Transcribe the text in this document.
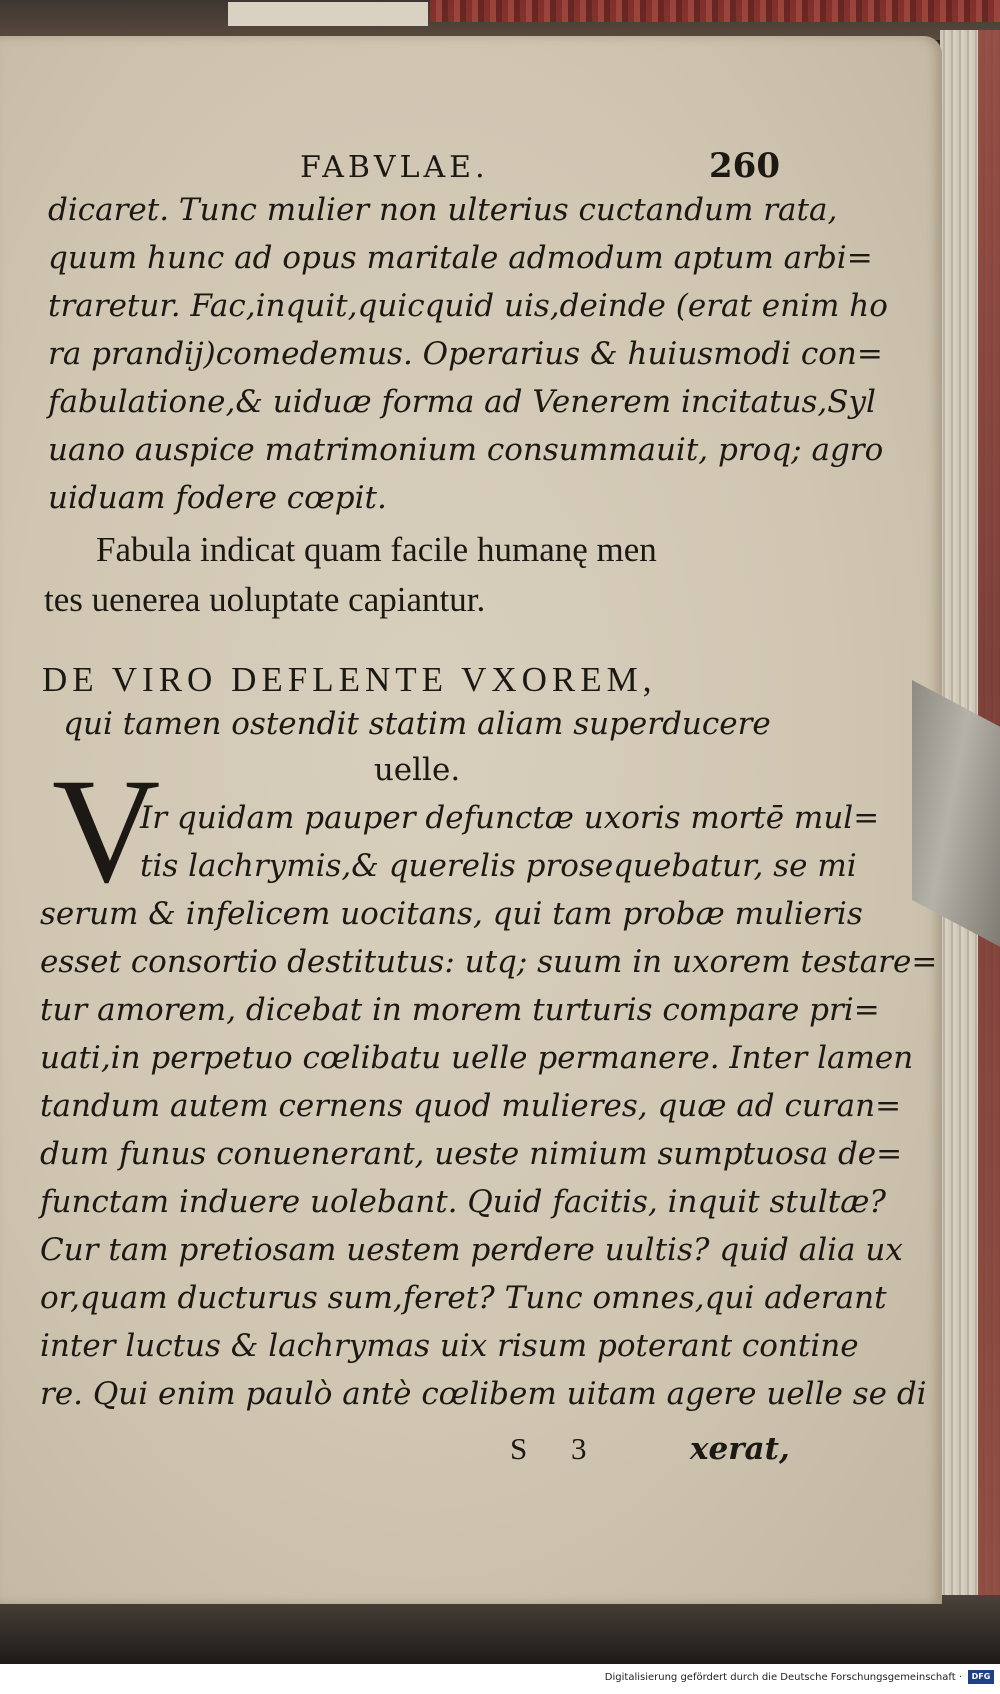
FABVLAE.	260
dicaret. Tunc mulier non ulterius cuctandum rata,
quum hunc ad opus maritale admodum aptum arbi=
traretur. Fac,inquit,quicquid uis,deinde (erat enim ho
ra prandij)comedemus. Operarius & huiusmodi con=
fabulatione,& uiduæ forma ad Venerem incitatus,Syl
uano auspice matrimonium consummauit, proq; agro
uiduam fodere cœpit.
Fabula indicat quam facile humanę men
tes uenerea uoluptate capiantur.
DE VIRO DEFLENTE VXOREM,
qui tamen ostendit statim aliam superducere
uelle.
V
Ir quidam pauper defunctæ uxoris mortē mul=
tis lachrymis,& querelis prosequebatur, se mi
serum & infelicem uocitans, qui tam probæ mulieris
esset consortio destitutus: utq; suum in uxorem testare=
tur amorem, dicebat in morem turturis compare pri=
uati,in perpetuo cœlibatu uelle permanere. Inter lamen
tandum autem cernens quod mulieres, quæ ad curan=
dum funus conuenerant, ueste nimium sumptuosa de=
functam induere uolebant. Quid facitis, inquit stultæ?
Cur tam pretiosam uestem perdere uultis? quid alia ux
or,quam ducturus sum,feret? Tunc omnes,qui aderant
inter luctus & lachrymas uix risum poterant contine
re. Qui enim paulò antè cœlibem uitam agere uelle se di
S 3	xerat,
Digitalisierung gefördert durch die Deutsche Forschungsgemeinschaft ·	DFG
